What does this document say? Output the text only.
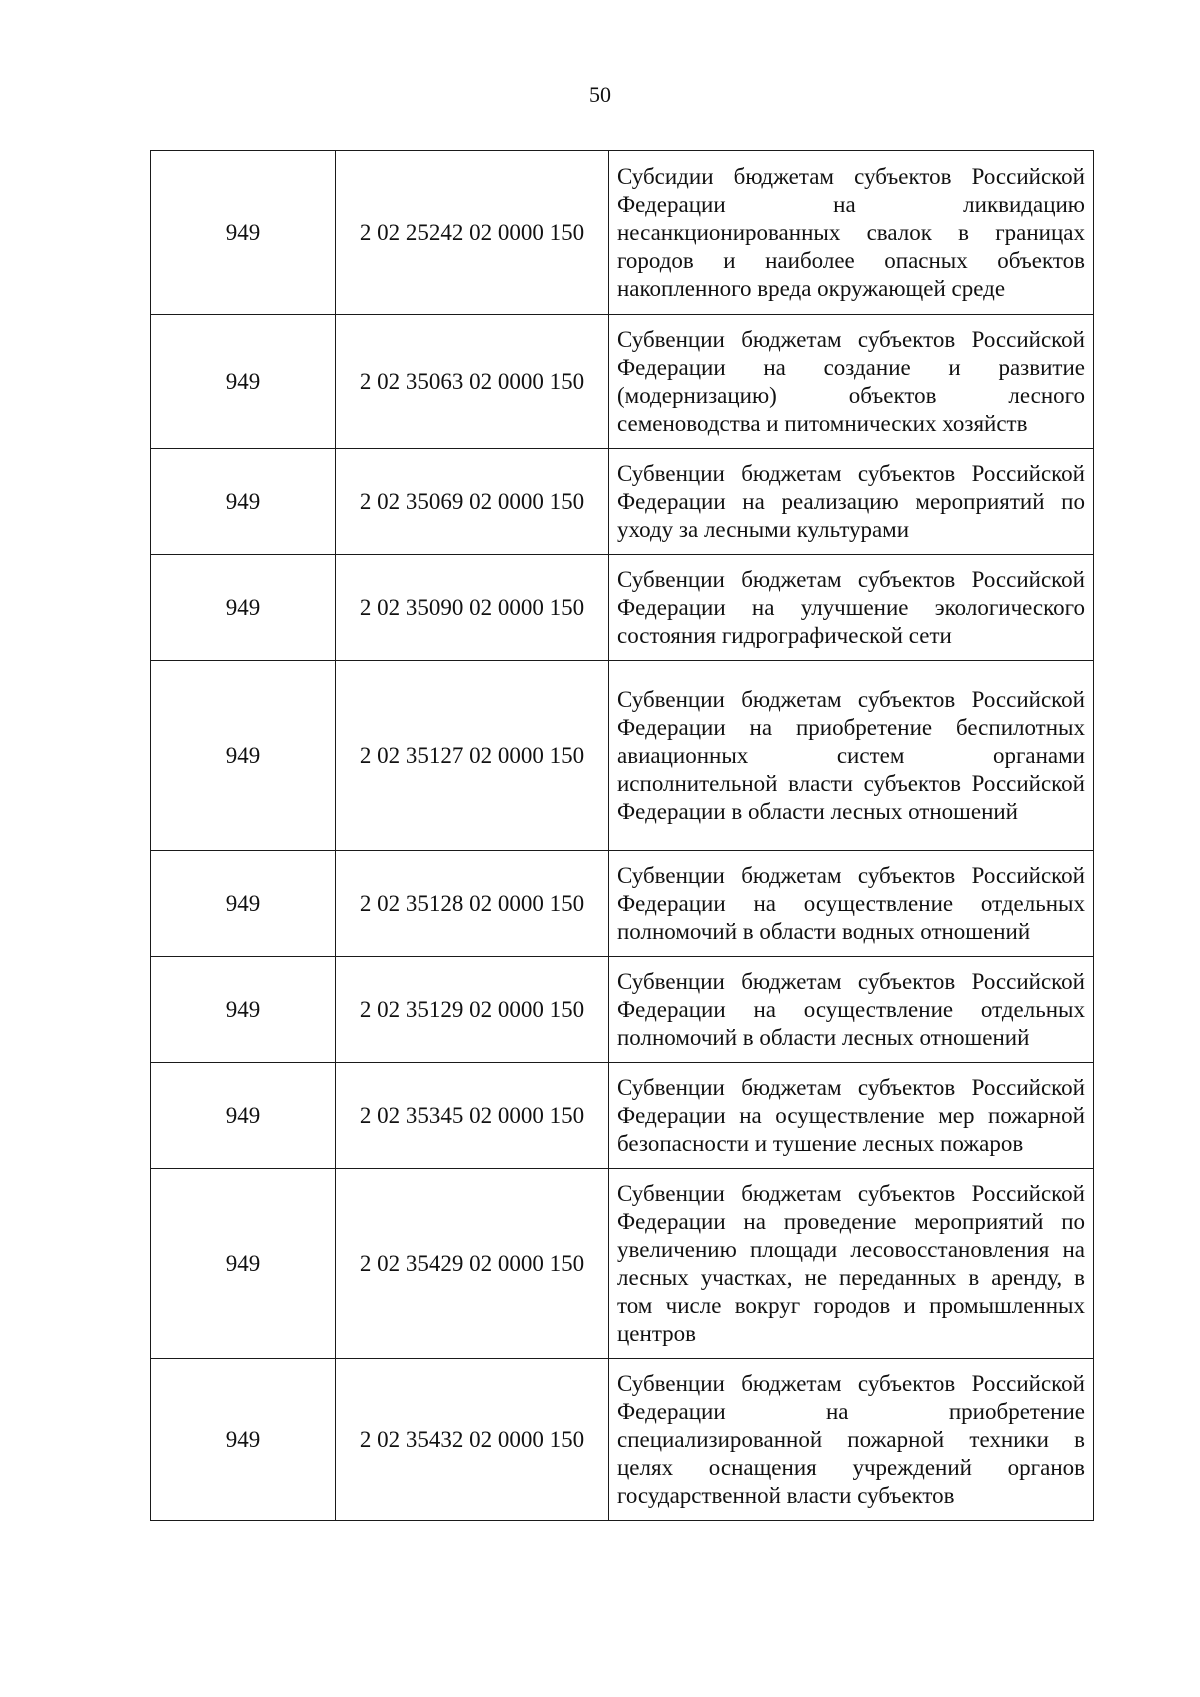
50
949	2 02 25242 02 0000 150	Субсидии бюджетам субъектов Российской Федерации на ликвидацию несанкционированных свалок в границах городов и наиболее опасных объектов накопленного вреда окружающей среде
949	2 02 35063 02 0000 150	Субвенции бюджетам субъектов Российской Федерации на создание и развитие (модернизацию) объектов лесного семеноводства и питомнических хозяйств
949	2 02 35069 02 0000 150	Субвенции бюджетам субъектов Российской Федерации на реализацию мероприятий по уходу за лесными культурами
949	2 02 35090 02 0000 150	Субвенции бюджетам субъектов Российской Федерации на улучшение экологического состояния гидрографической сети
949	2 02 35127 02 0000 150	Субвенции бюджетам субъектов Российской Федерации на приобретение беспилотных авиационных систем органами исполнительной власти субъектов Российской Федерации в области лесных отношений
949	2 02 35128 02 0000 150	Субвенции бюджетам субъектов Российской Федерации на осуществление отдельных полномочий в области водных отношений
949	2 02 35129 02 0000 150	Субвенции бюджетам субъектов Российской Федерации на осуществление отдельных полномочий в области лесных отношений
949	2 02 35345 02 0000 150	Субвенции бюджетам субъектов Российской Федерации на осуществление мер пожарной безопасности и тушение лесных пожаров
949	2 02 35429 02 0000 150	Субвенции бюджетам субъектов Российской Федерации на проведение мероприятий по увеличению площади лесовосстановления на лесных участках, не переданных в аренду, в том числе вокруг городов и промышленных центров
949	2 02 35432 02 0000 150	Субвенции бюджетам субъектов Российской Федерации на приобретение специализированной пожарной техники в целях оснащения учреждений органов государственной власти субъектов
